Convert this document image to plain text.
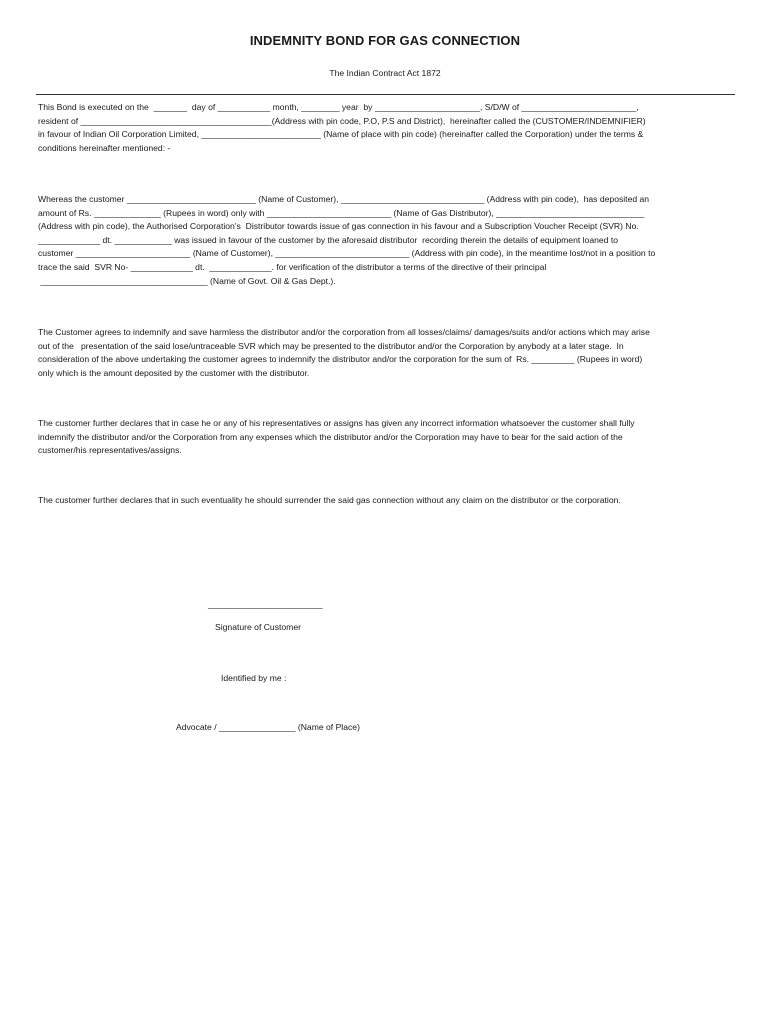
INDEMNITY BOND FOR GAS CONNECTION
The Indian Contract Act 1872
This Bond is executed on the  _______  day of ___________ month, ________ year  by ______________________, S/D/W of ________________________,
resident of ________________________________________(Address with pin code, P.O, P.S and District),  hereinafter called the (CUSTOMER/INDEMNIFIER)
in favour of Indian Oil Corporation Limited, _________________________ (Name of place with pin code) (hereinafter called the Corporation) under the terms &
conditions hereinafter mentioned: -
Whereas the customer ___________________________ (Name of Customer), ______________________________ (Address with pin code),  has deposited an
amount of Rs. ______________ (Rupees in word) only with __________________________ (Name of Gas Distributor), _______________________________
(Address with pin code), the Authorised Corporation’s  Distributor towards issue of gas connection in his favour and a Subscription Voucher Receipt (SVR) No.
_____________ dt. ____________ was issued in favour of the customer by the aforesaid distributor  recording therein the details of equipment loaned to
customer ________________________ (Name of Customer), ____________________________ (Address with pin code), in the meantime lost/not in a position to
trace the said  SVR No- _____________ dt.  _____________. for verification of the distributor a terms of the directive of their principal
___________________________________ (Name of Govt. Oil & Gas Dept.).
The Customer agrees to indemnify and save harmless the distributor and/or the corporation from all losses/claims/ damages/suits and/or actions which may arise
out of the   presentation of the said lose/untraceable SVR which may be presented to the distributor and/or the Corporation by anybody at a later stage.  In
consideration of the above undertaking the customer agrees to indemnify the distributor and/or the corporation for the sum of  Rs. _________ (Rupees in word)
only which is the amount deposited by the customer with the distributor.
The customer further declares that in case he or any of his representatives or assigns has given any incorrect information whatsoever the customer shall fully
indemnify the distributor and/or the Corporation from any expenses which the distributor and/or the Corporation may have to bear for the said action of the
customer/his representatives/assigns.
The customer further declares that in such eventuality he should surrender the said gas connection without any claim on the distributor or the corporation.
________________________
Signature of Customer
Identified by me :
Advocate / ________________ (Name of Place)
